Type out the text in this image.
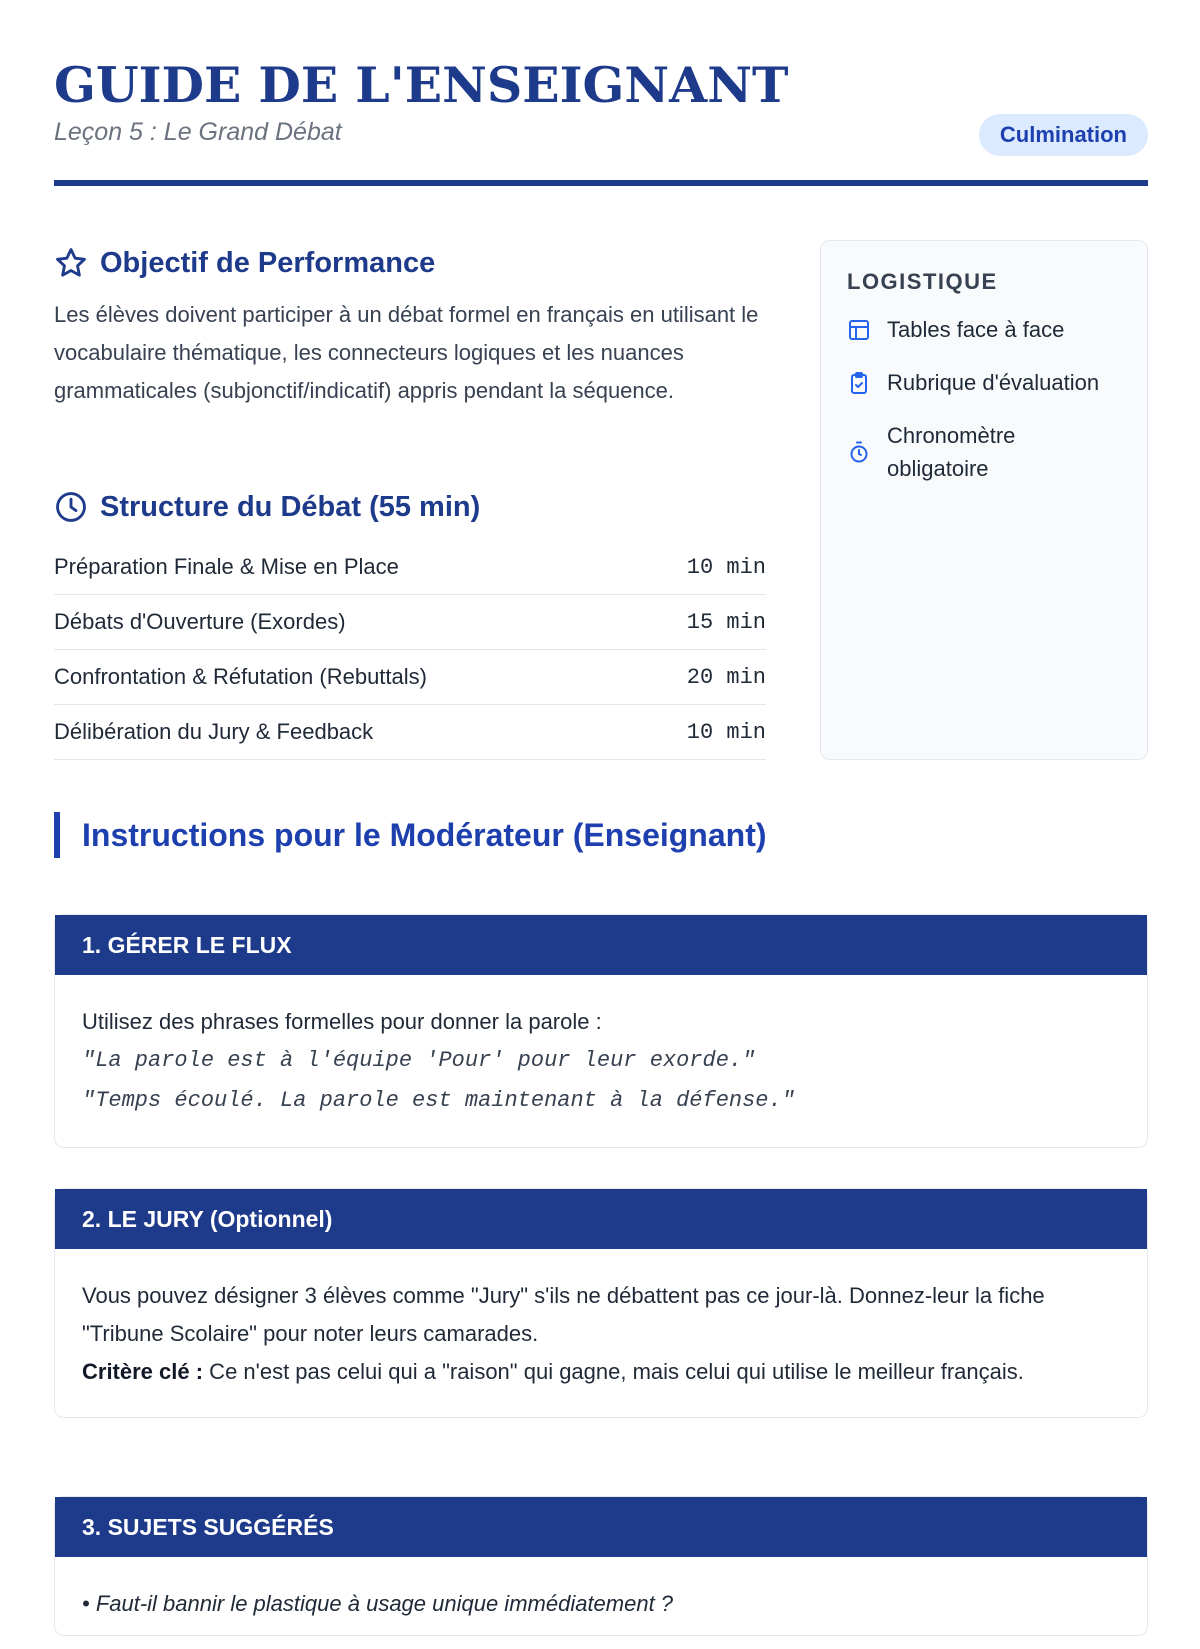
GUIDE DE L'ENSEIGNANT
Leçon 5 : Le Grand Débat	Culmination
Objectif de Performance

Les élèves doivent participer à un débat formel en français en utilisant le vocabulaire thématique, les connecteurs logiques et les nuances grammaticales (subjonctif/indicatif) appris pendant la séquence.

Structure du Débat (55 min)
Préparation Finale & Mise en Place	10 min
Débats d'Ouverture (Exordes)	15 min
Confrontation & Réfutation (Rebuttals)	20 min
Délibération du Jury & Feedback	10 min
LOGISTIQUE
Tables face à face
Rubrique d'évaluation
Chronomètre obligatoire
Instructions pour le Modérateur (Enseignant)
1. GÉRER LE FLUX
Utilisez des phrases formelles pour donner la parole :
"La parole est à l'équipe 'Pour' pour leur exorde."
"Temps écoulé. La parole est maintenant à la défense."
2. LE JURY (Optionnel)
Vous pouvez désigner 3 élèves comme "Jury" s'ils ne débattent pas ce jour-là. Donnez-leur la fiche "Tribune Scolaire" pour noter leurs camarades.
Critère clé : Ce n'est pas celui qui a "raison" qui gagne, mais celui qui utilise le meilleur français.
3. SUJETS SUGGÉRÉS
• Faut-il bannir le plastique à usage unique immédiatement ?
